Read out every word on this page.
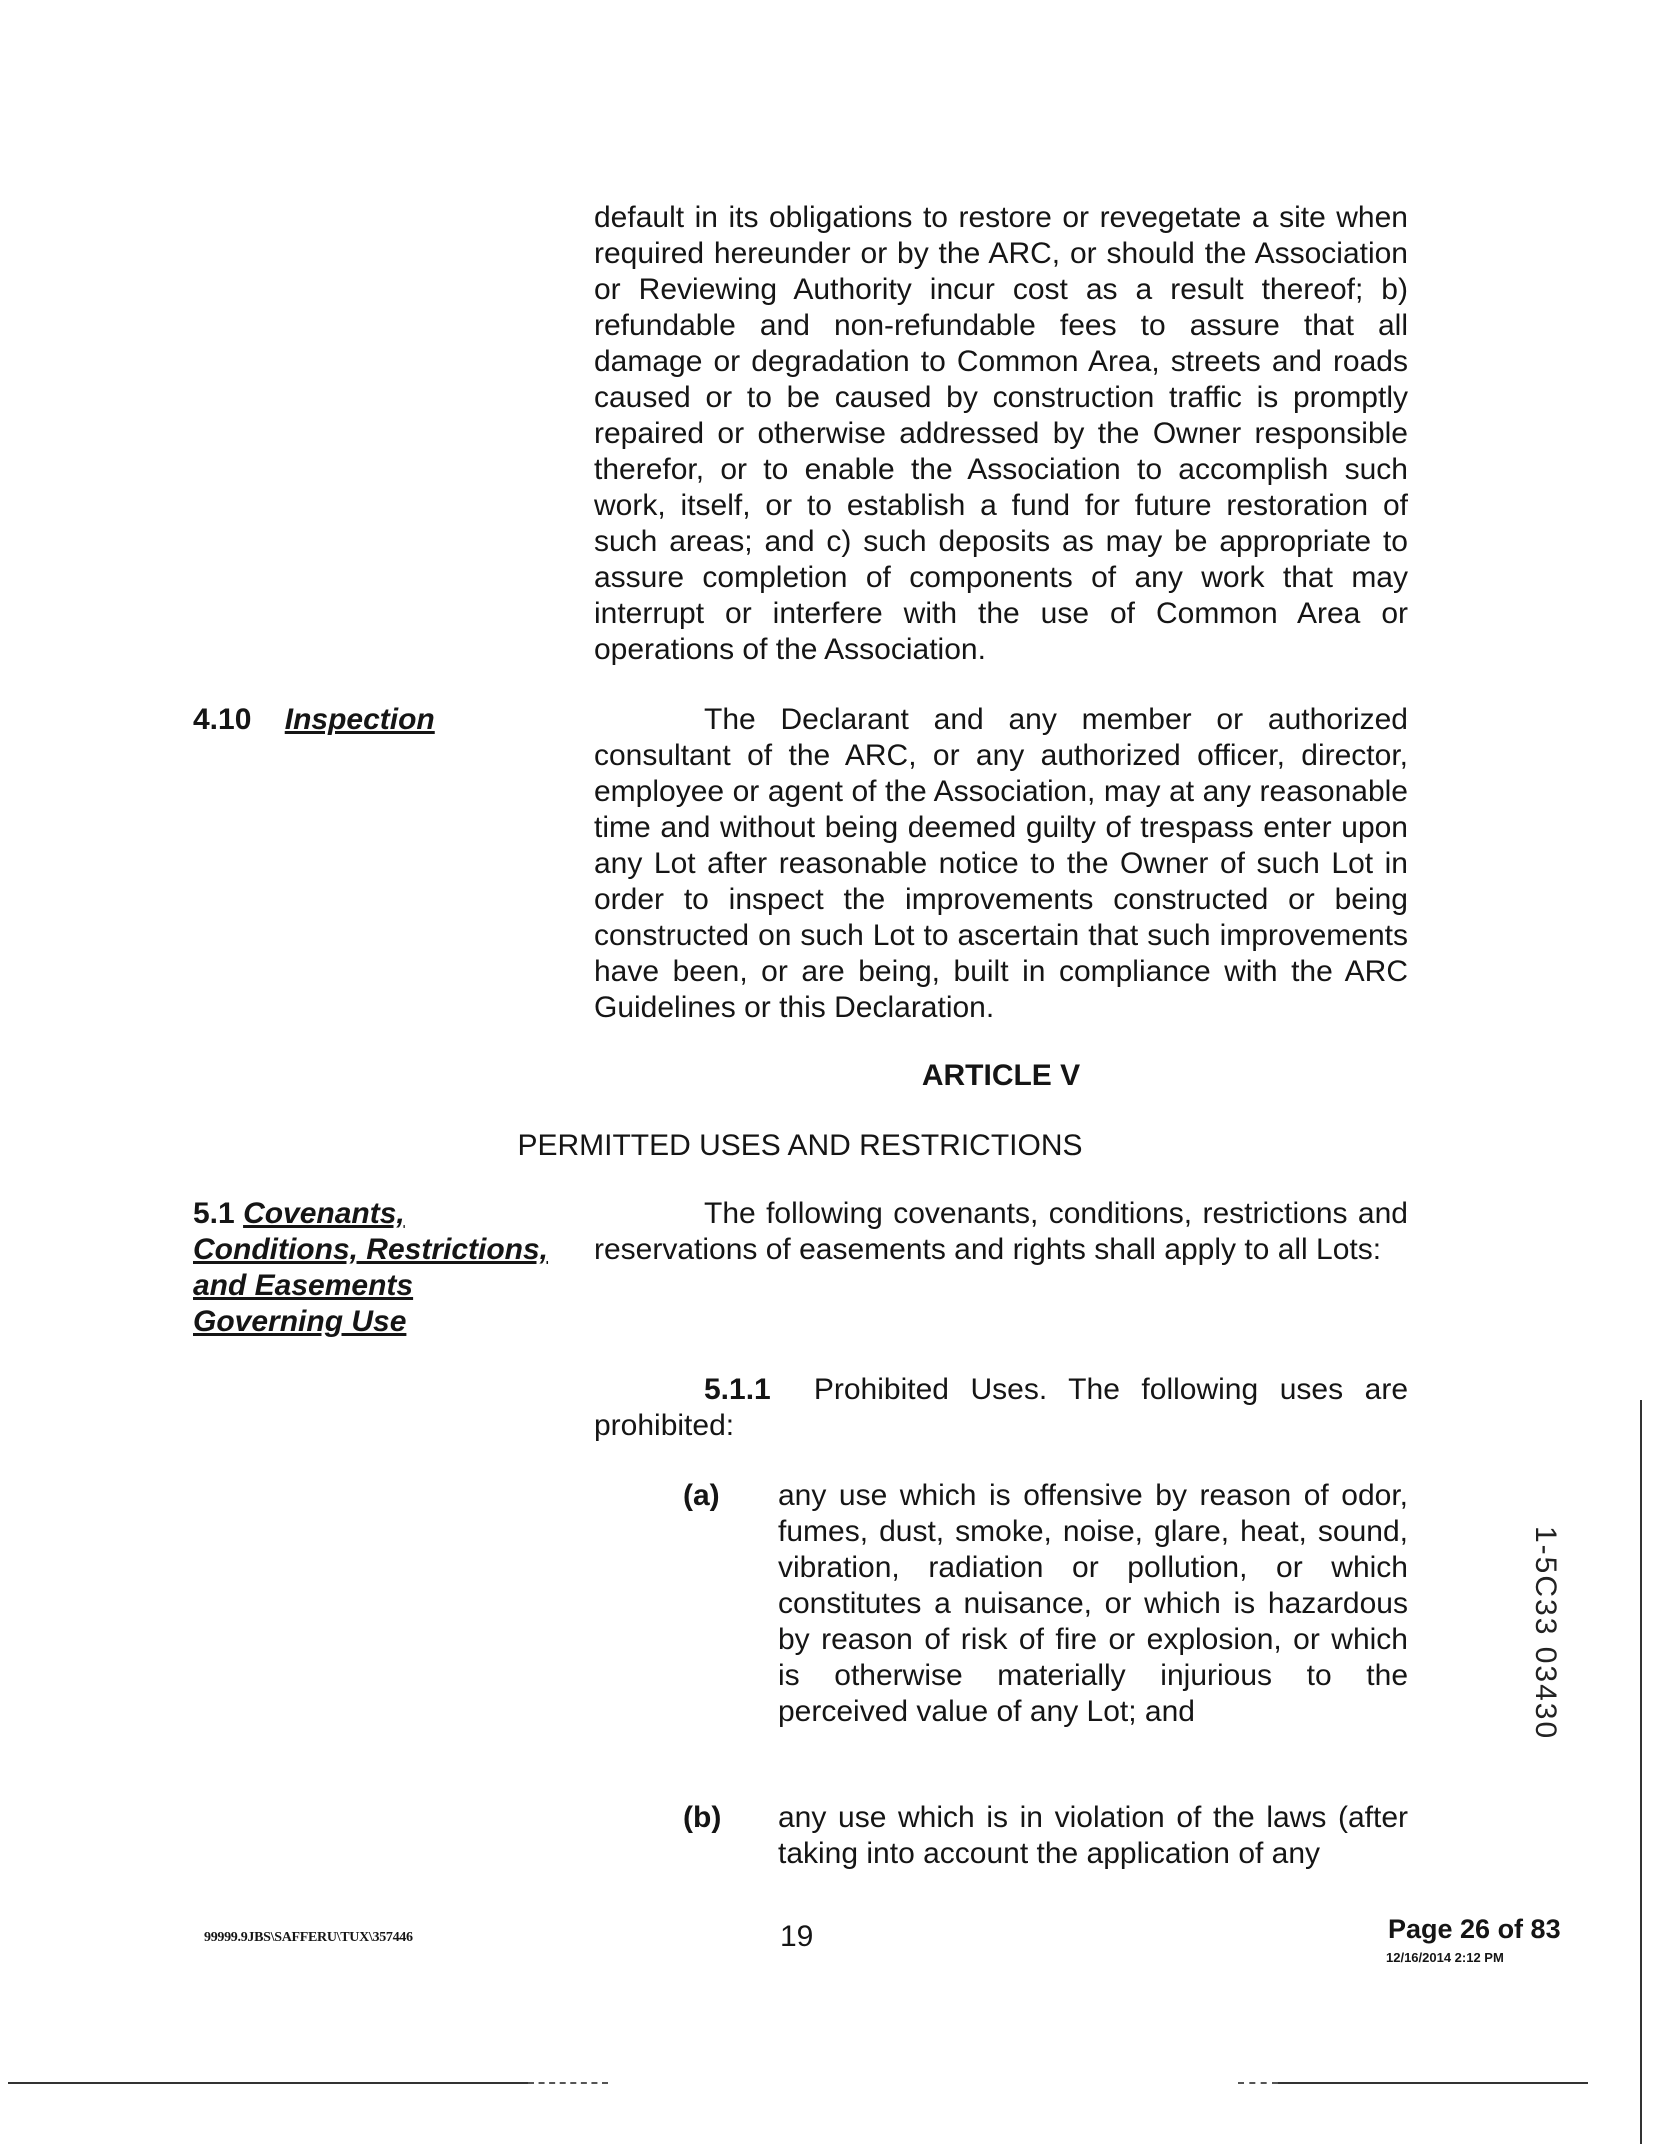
default in its obligations to restore or revegetate a site when required hereunder or by the ARC, or should the Association or Reviewing Authority incur cost as a result thereof; b) refundable and non-refundable fees to assure that all damage or degradation to Common Area, streets and roads caused or to be caused by construction traffic is promptly repaired or otherwise addressed by the Owner responsible therefor, or to enable the Association to accomplish such work, itself, or to establish a fund for future restoration of such areas; and c) such deposits as may be appropriate to assure completion of components of any work that may interrupt or interfere with the use of Common Area or operations of the Association.
4.10 Inspection	The Declarant and any member or authorized consultant of the ARC, or any authorized officer, director, employee or agent of the Association, may at any reasonable time and without being deemed guilty of trespass enter upon any Lot after reasonable notice to the Owner of such Lot in order to inspect the improvements constructed or being constructed on such Lot to ascertain that such improvements have been, or are being, built in compliance with the ARC Guidelines or this Declaration.
ARTICLE V
PERMITTED USES AND RESTRICTIONS
5.1 Covenants,
Conditions, Restrictions,
and Easements
Governing Use
The following covenants, conditions, restrictions and reservations of easements and rights shall apply to all Lots:
5.1.1 Prohibited Uses. The following uses are prohibited:
(a) any use which is offensive by reason of odor, fumes, dust, smoke, noise, glare, heat, sound, vibration, radiation or pollution, or which constitutes a nuisance, or which is hazardous by reason of risk of fire or explosion, or which is otherwise materially injurious to the perceived value of any Lot; and
(b) any use which is in violation of the laws (after taking into account the application of any
1-5C33 03430
99999.9JBS\SAFFERU\TUX\357446	19	Page 26 of 83
12/16/2014 2:12 PM
